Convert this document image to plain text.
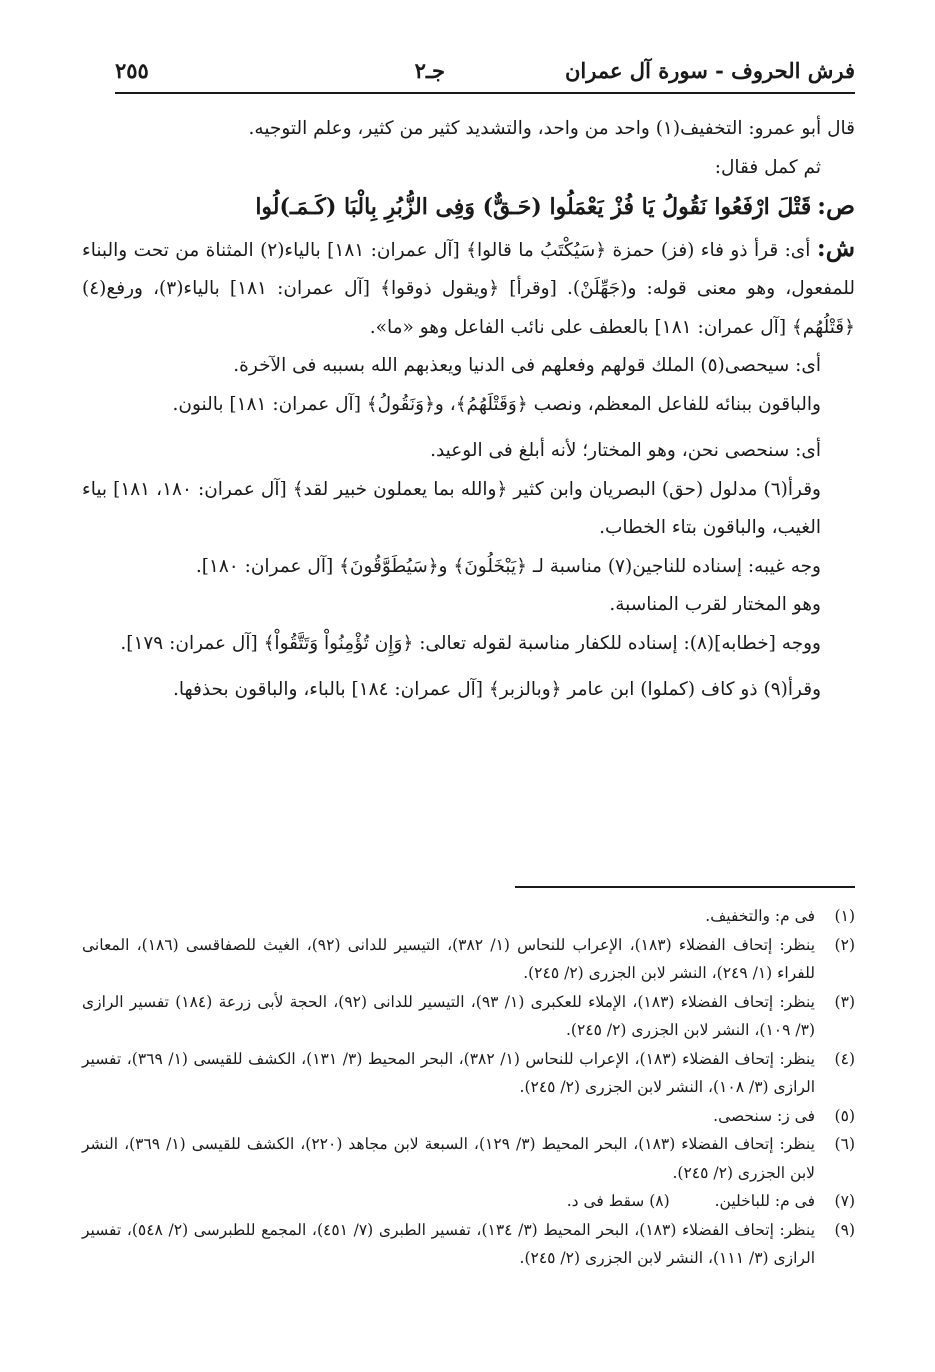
فرش الحروف - سورة آل عمران
جـ٢
٢٥٥

قال أبو عمرو: التخفيف(١) واحد من واحد، والتشديد كثير من كثير، وعلم التوجيه.

ثم كمل فقال:

ص: قَتْلَ ارْفَعُوا نَقُولُ يَا فُزْ يَعْمَلُوا (حَـقٌّ) وَفِى الزُّبُرِ بِالْبَا (كَـمَـ)لُوا

ش: أى: قرأ ذو فاء (فز) حمزة ﴿سَيُكْتَبُ ما قالوا﴾ [آل عمران: ١٨١] بالياء(٢) المثناة من تحت والبناء للمفعول، وهو معنى قوله: و(جَهِّلَنْ). [وقرأ] ﴿ويقول ذوقوا﴾ [آل عمران: ١٨١] بالياء(٣)، ورفع(٤) ﴿قَتْلُهُم﴾ [آل عمران: ١٨١] بالعطف على نائب الفاعل وهو «ما».

أى: سيحصى(٥) الملك قولهم وفعلهم فى الدنيا ويعذبهم الله بسببه فى الآخرة.

والباقون ببنائه للفاعل المعظم، ونصب ﴿وَقَتْلَهُمُ﴾، و﴿وَنَقُولُ﴾ [آل عمران: ١٨١] بالنون.

أى: سنحصى نحن، وهو المختار؛ لأنه أبلغ فى الوعيد.

وقرأ(٦) مدلول (حق) البصريان وابن كثير ﴿والله بما يعملون خبير لقد﴾ [آل عمران: ١٨٠، ١٨١] بياء الغيب، والباقون بتاء الخطاب.

وجه غيبه: إسناده للناجين(٧) مناسبة لـ ﴿يَبْخَلُونَ﴾ و﴿سَيُطَوَّقُونَ﴾ [آل عمران: ١٨٠].

وهو المختار لقرب المناسبة.

ووجه [خطابه](٨): إسناده للكفار مناسبة لقوله تعالى: ﴿وَإِن تُؤْمِنُواْ وَتَتَّقُواْ﴾ [آل عمران: ١٧٩].

وقرأ(٩) ذو كاف (كملوا) ابن عامر ﴿وبالزبر﴾ [آل عمران: ١٨٤] بالباء، والباقون بحذفها.

(١)
فى م: والتخفيف.
(٢)
ينظر: إتحاف الفضلاء (١٨٣)، الإعراب للنحاس (١/ ٣٨٢)، التيسير للدانى (٩٢)، الغيث للصفاقسى (١٨٦)، المعانى للفراء (١/ ٢٤٩)، النشر لابن الجزرى (٢/ ٢٤٥).
(٣)
ينظر: إتحاف الفضلاء (١٨٣)، الإملاء للعكبرى (١/ ٩٣)، التيسير للدانى (٩٢)، الحجة لأبى زرعة (١٨٤) تفسير الرازى (٣/ ١٠٩)، النشر لابن الجزرى (٢/ ٢٤٥).
(٤)
ينظر: إتحاف الفضلاء (١٨٣)، الإعراب للنحاس (١/ ٣٨٢)، البحر المحيط (٣/ ١٣١)، الكشف للقيسى (١/ ٣٦٩)، تفسير الرازى (٣/ ١٠٨)، النشر لابن الجزرى (٢/ ٢٤٥).
(٥)
فى ز: سنحصى.
(٦)
ينظر: إتحاف الفضلاء (١٨٣)، البحر المحيط (٣/ ١٢٩)، السبعة لابن مجاهد (٢٢٠)، الكشف للقيسى (١/ ٣٦٩)، النشر لابن الجزرى (٢/ ٢٤٥).
(٧)
فى م: للباخلين. (٨) سقط فى د.
(٩)
ينظر: إتحاف الفضلاء (١٨٣)، البحر المحيط (٣/ ١٣٤)، تفسير الطبرى (٧/ ٤٥١)، المجمع للطبرسى (٢/ ٥٤٨)، تفسير الرازى (٣/ ١١١)، النشر لابن الجزرى (٢/ ٢٤٥).
